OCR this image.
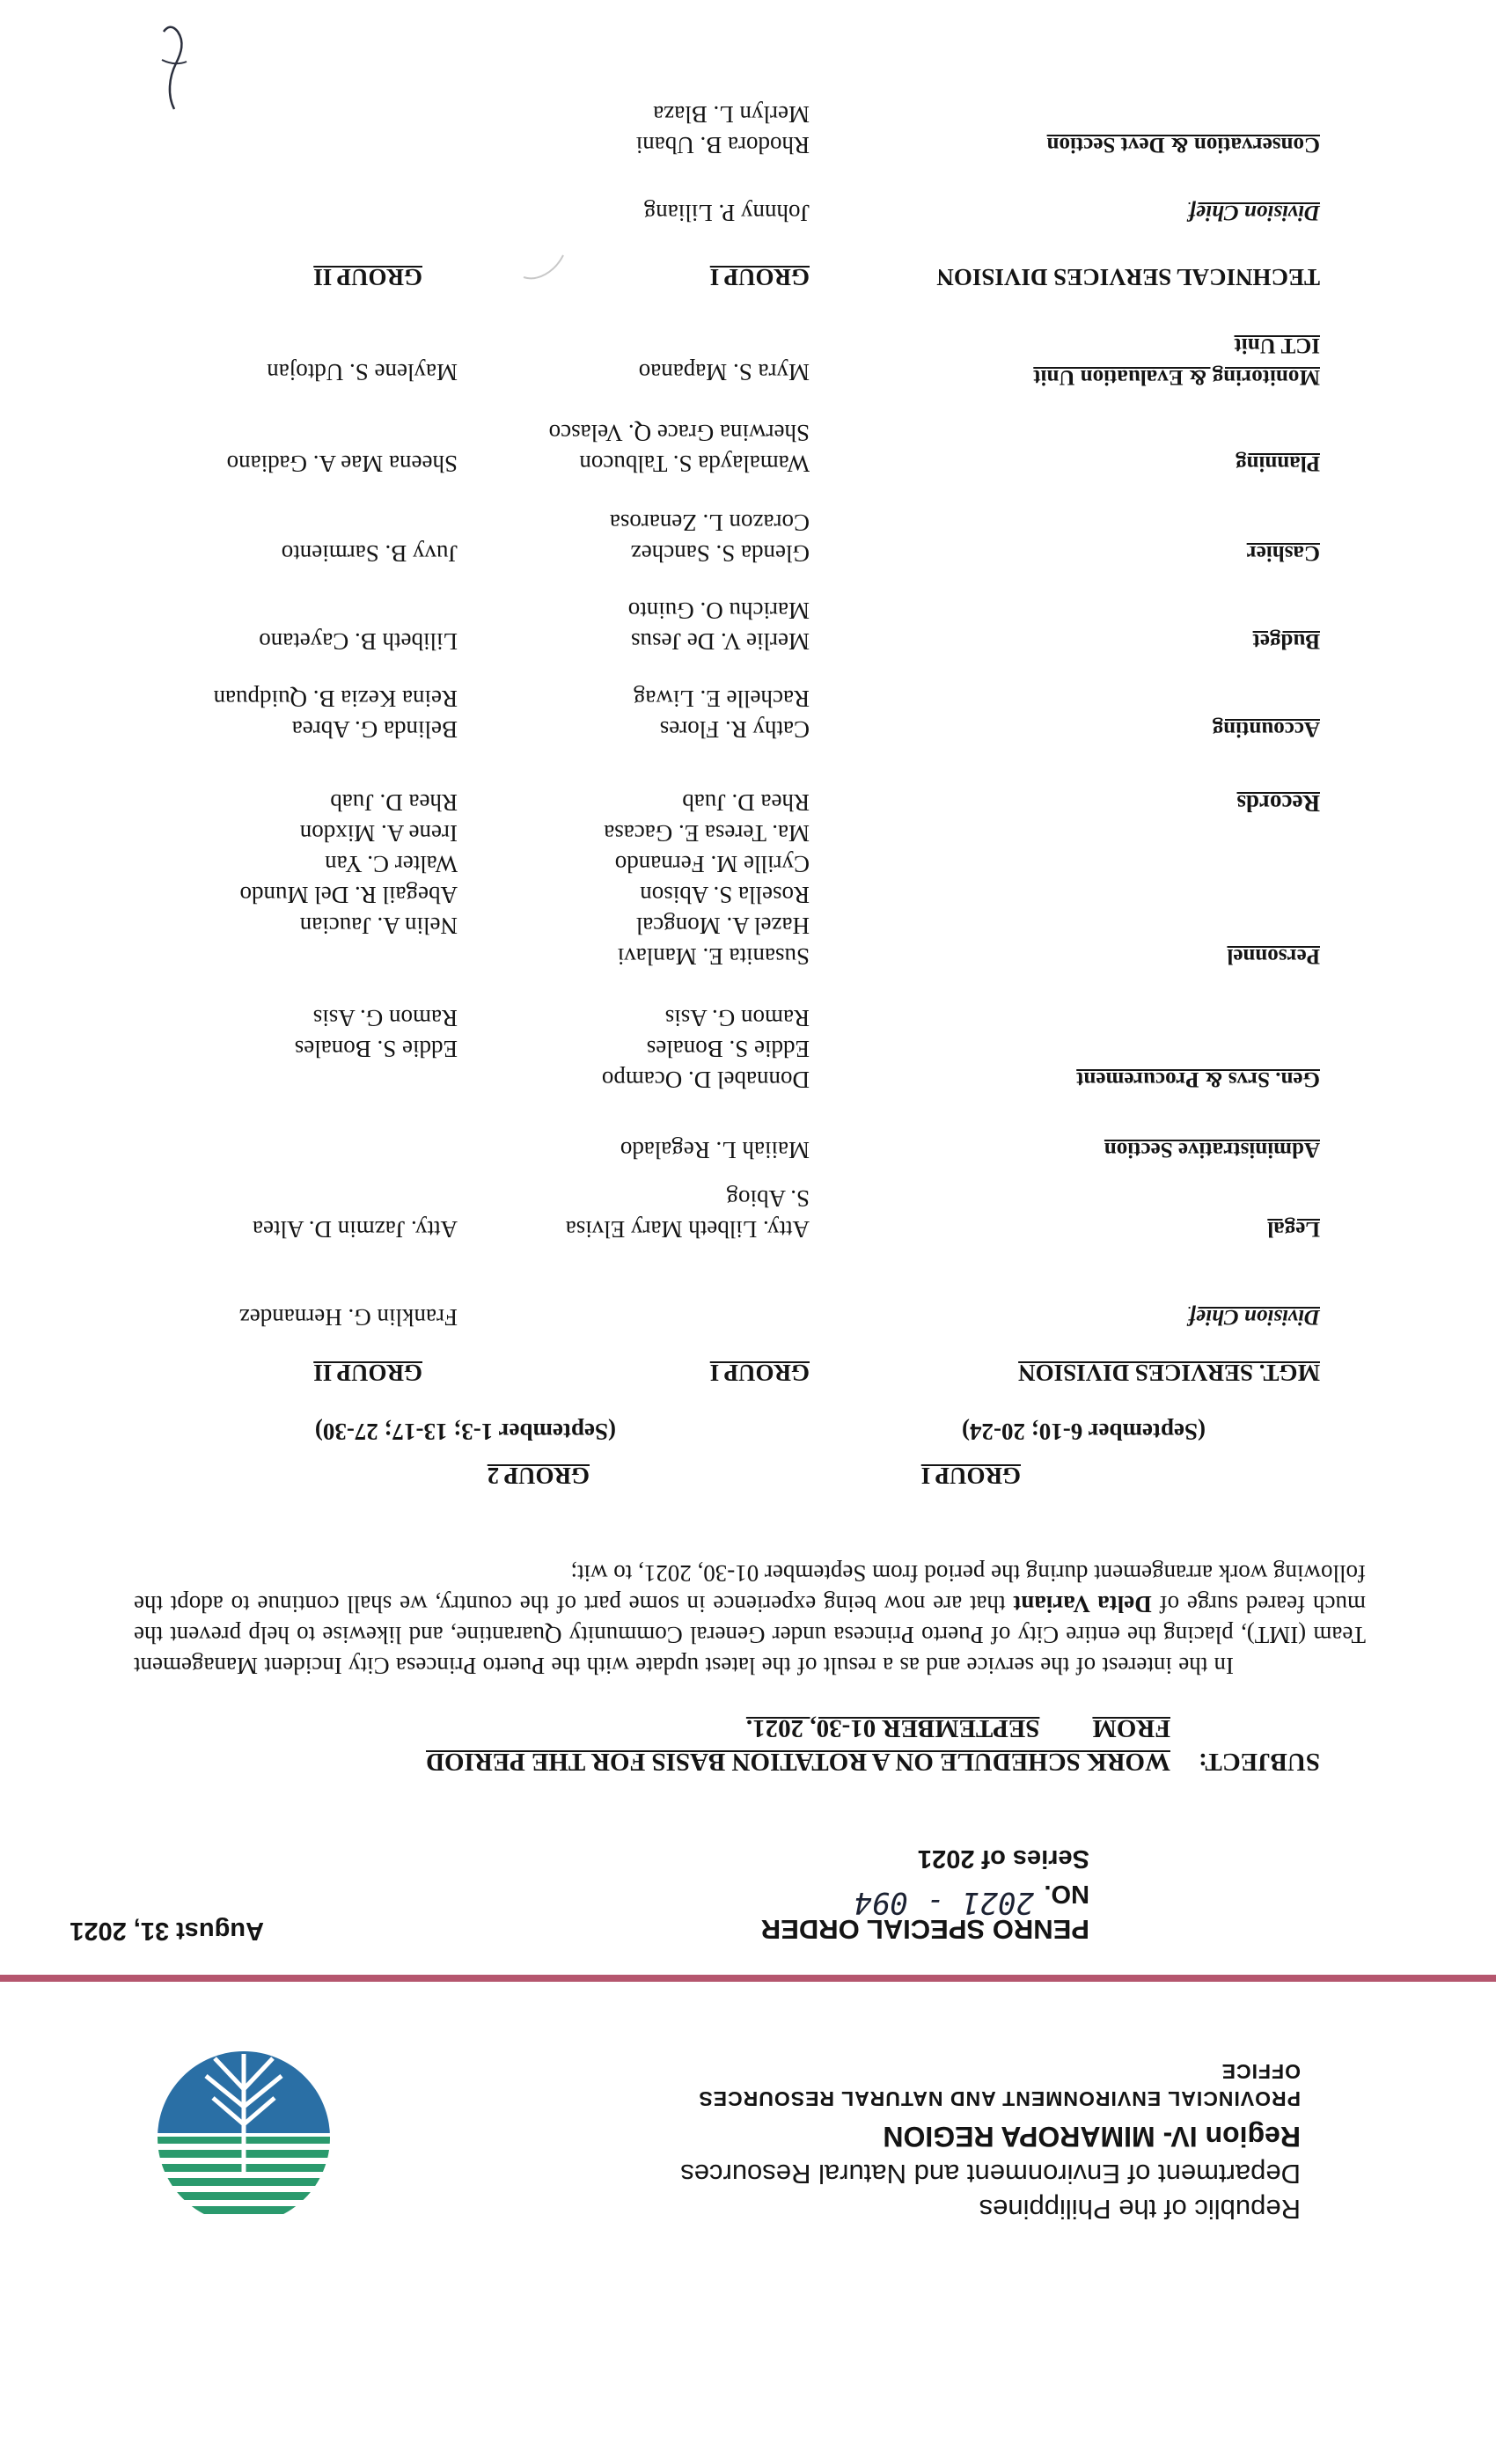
Republic of the Philippines
Department of Environment and Natural Resources
Region IV- MIMAROPA REGION
PROVINCIAL ENVIRONMENT AND NATURAL RESOURCES OFFICE
PENRO SPECIAL ORDER
August 31, 2021
NO.
2021 - 094
Series of 2021
SUBJECT:
WORK SCHEDULE ON A ROTATION BASIS FOR THE PERIOD
FROMSEPTEMBER 01-30, 2021.
In the interest of the service and as a result of the latest update with the Puerto Princesa City Incident Management Team (IMT), placing the entire City of Puerto Princesa under General Community Quarantine, and likewise to help prevent the much feared surge of Delta Variant that are now being experience in some part of the country, we shall continue to adopt the following work arrangement during the period from September 01-30, 2021, to wit;
GROUP I
GROUP 2
(September 6-10; 20-24)
(September 1-3; 13-17; 27-30)
MGT. SERVICES DIVISION
GROUP I
GROUP II
Division Chief
Franklin G. Hernandez
Legal
Atty. Lilbeth Mary Elvisa
S. Abiog
Atty. Jazmin D. Altea
Administrative Section
Maiiah L. Regalado
Gen. Srvs & Procurement
Donnabel D. Ocampo
Eddie S. Bonales
Ramon G. Asis
Eddie S. Bonales
Ramon G. Asis
Personnel
Susanita E. Manlavi
Hazel A. Mongcal
Rosella S. Abison
Cyrille M. Fernando
Ma. Teresa E. Gacasa
Rhea D. Juab
Nelin A. Jaucian
Abegail R. Del Mundo
Walter C. Yan
Irene A. Mixdon
Rhea D. Juab	Records
Accounting
Cathy R. Flores
Rachelle E. Liwag
Belinda G. Abrea
Reina Kezia B. Quidpuan
Budget
Merlie V. De Jesus
Marichu O. Guinto
Lilibeth B. Cayetano
Cashier
Glenda S. Sanchez
Corazon L. Zenarosa
Juvy B. Sarmiento
Planning
Wamalayda S. Talbucon
Sherwina Grace Q. Velasco
Sheena Mae A. Gadiano
Monitoring & Evaluation Unit
ICT Unit
Myra S. Mapanao
Maylene S. Udtojan
TECHNICAL SERVICES DIVISION
GROUP I
GROUP II
Division Chief
Johnny P. Liliang
Conservation & Devt Section
Rhodora B. Ubani
Merlyn L. Blaza
